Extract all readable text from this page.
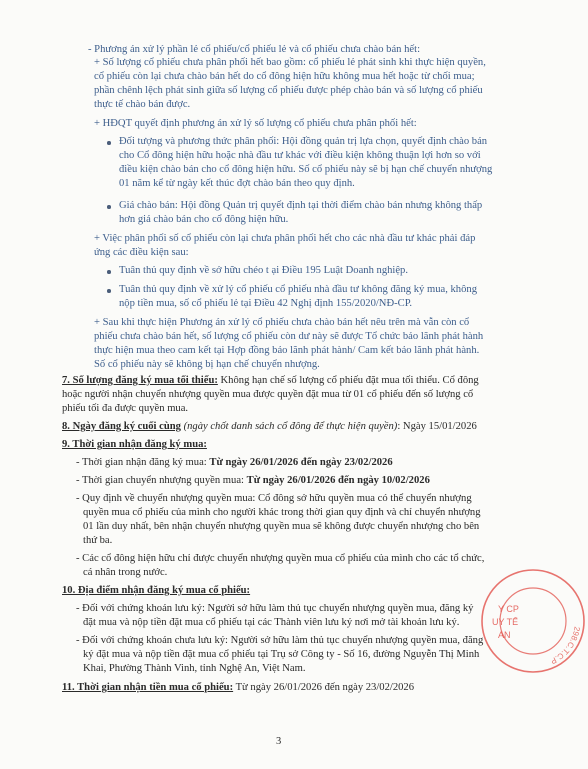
- Phương án xử lý phần lẻ cổ phiếu/cổ phiếu lẻ và cổ phiếu chưa chào bán hết:
+ Số lượng cổ phiếu chưa phân phối hết bao gồm: cổ phiếu lẻ phát sinh khi thực hiện quyền,
cổ phiếu còn lại chưa chào bán hết do cổ đông hiện hữu không mua hết hoặc từ chối mua;
phần chênh lệch phát sinh giữa số lượng cổ phiếu được phép chào bán và số lượng cổ phiếu
thực tế chào bán được.
+ HĐQT quyết định phương án xử lý số lượng cổ phiếu chưa phân phối hết:
Đối tượng và phương thức phân phối: Hội đồng quản trị lựa chọn, quyết định chào bán
cho Cổ đông hiện hữu hoặc nhà đầu tư khác với điều kiện không thuận lợi hơn so với
điều kiện chào bán cho cổ đông hiện hữu. Số cổ phiếu này sẽ bị hạn chế chuyển nhượng
01 năm kể từ ngày kết thúc đợt chào bán theo quy định.
Giá chào bán: Hội đồng Quản trị quyết định tại thời điểm chào bán nhưng không thấp
hơn giá chào bán cho cổ đông hiện hữu.
+ Việc phân phối số cổ phiếu còn lại chưa phân phối hết cho các nhà đầu tư khác phải đáp
ứng các điều kiện sau:
Tuân thủ quy định về sở hữu chéo t ại Điều 195 Luật Doanh nghiệp.
Tuân thủ quy định về xử lý cổ phiếu cổ phiếu nhà đầu tư không đăng ký mua, không
nộp tiền mua, số cổ phiếu lẻ tại Điều 42 Nghị định 155/2020/NĐ-CP.
+ Sau khi thực hiện Phương án xử lý cổ phiếu chưa chào bán hết nêu trên mà vẫn còn cổ
phiếu chưa chào bán hết, số lượng cổ phiếu còn dư này sẽ được Tổ chức bảo lãnh phát hành
thực hiện mua theo cam kết tại Hợp đồng bảo lãnh phát hành/ Cam kết bảo lãnh phát hành.
Số cổ phiếu này sẽ không bị hạn chế chuyển nhượng.
7. Số lượng đăng ký mua tối thiểu: Không hạn chế số lượng cổ phiếu đặt mua tối thiểu. Cổ đông
hoặc người nhận chuyển nhượng quyền mua được quyền đặt mua từ 01 cổ phiếu đến số lượng cổ
phiếu tối đa được quyền mua.
8. Ngày đăng ký cuối cùng (ngày chốt danh sách cổ đông để thực hiện quyền): Ngày 15/01/2026
9. Thời gian nhận đăng ký mua:
- Thời gian nhận đăng ký mua: Từ ngày 26/01/2026 đến ngày 23/02/2026
- Thời gian chuyển nhượng quyền mua: Từ ngày 26/01/2026 đến ngày 10/02/2026
- Quy định về chuyển nhượng quyền mua: Cổ đông sở hữu quyền mua có thể chuyển nhượng
quyền mua cổ phiếu của mình cho người khác trong thời gian quy định và chỉ chuyển nhượng
01 lần duy nhất, bên nhận chuyển nhượng quyền mua sẽ không được chuyển nhượng cho bên
thứ ba.
- Các cổ đông hiện hữu chỉ được chuyển nhượng quyền mua cổ phiếu của mình cho các tổ chức,
cá nhân trong nước.
10. Địa điểm nhận đăng ký mua cổ phiếu:
- Đối với chứng khoán lưu ký: Người sở hữu làm thủ tục chuyển nhượng quyền mua, đăng ký
đặt mua và nộp tiền đặt mua cổ phiếu tại các Thành viên lưu ký nơi mở tài khoản lưu ký.
- Đối với chứng khoán chưa lưu ký: Người sở hữu làm thủ tục chuyển nhượng quyền mua, đăng
ký đặt mua và nộp tiền đặt mua cổ phiếu tại Trụ sở Công ty - Số 16, đường Nguyễn Thị Minh
Khai, Phường Thành Vinh, tỉnh Nghệ An, Việt Nam.
11. Thời gian nhận tiền mua cổ phiếu: Từ ngày 26/01/2026 đến ngày 23/02/2026
3
298.C.T.C.P
Y CP
UY TẾ
AN
